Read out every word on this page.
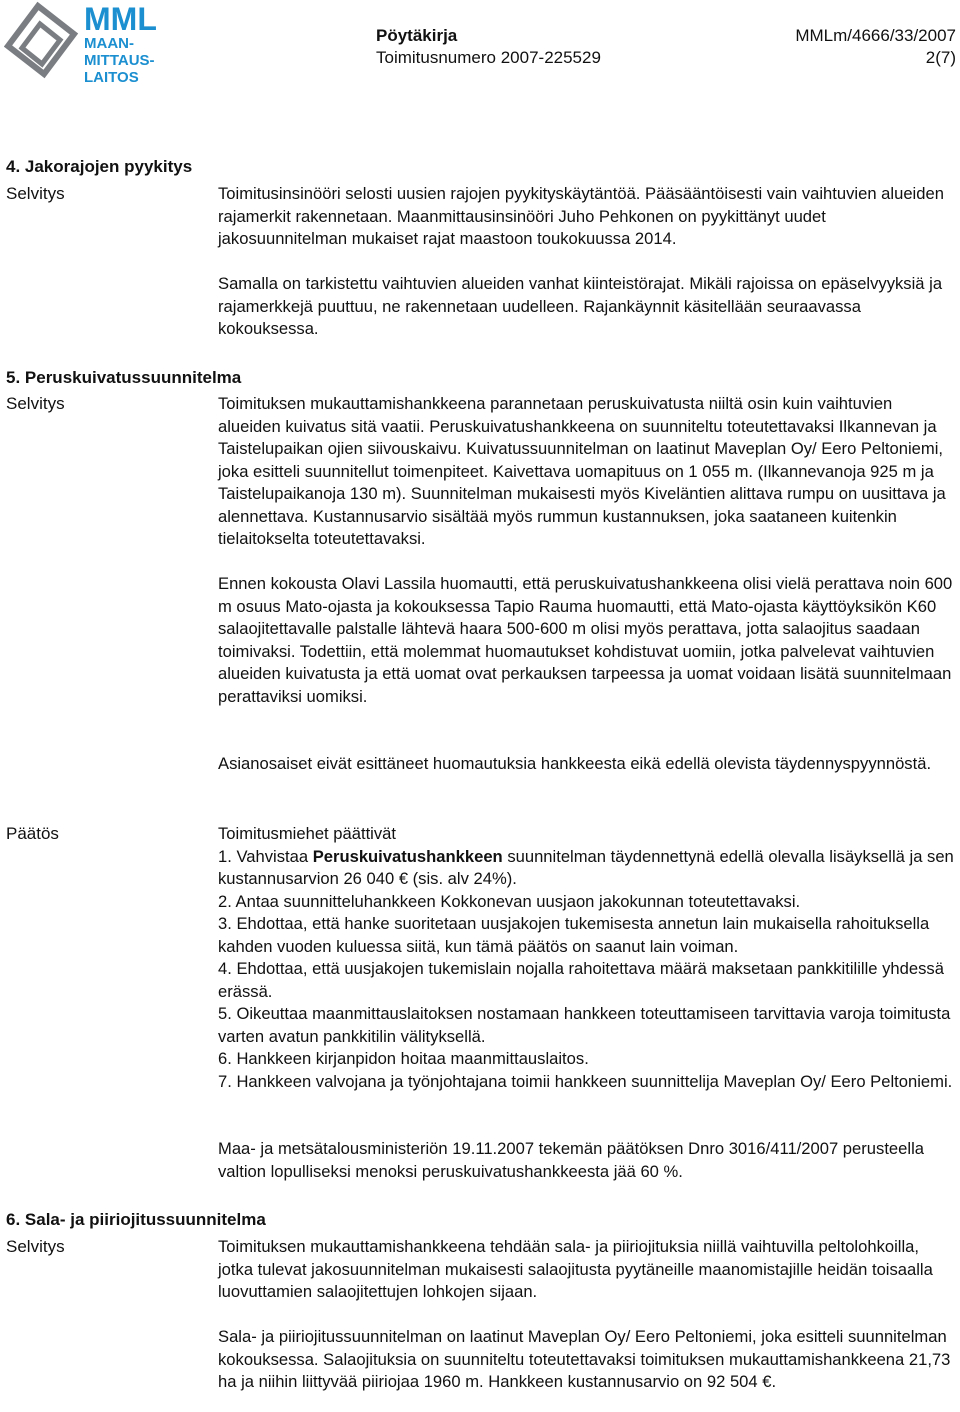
MML
MAAN-
MITTAUS-
LAITOS
Pöytäkirja
Toimitusnumero 2007-225529
MMLm/4666/33/2007
2(7)
4. Jakorajojen pyykitys
Selvitys	Toimitusinsinööri selosti uusien rajojen pyykityskäytäntöä. Pääsääntöisesti vain vaihtuvien alueiden rajamerkit rakennetaan. Maanmittausinsinööri Juho Pehkonen on pyykittänyt uudet jakosuunnitelman mukaiset rajat maastoon toukokuussa 2014.
Samalla on tarkistettu vaihtuvien alueiden vanhat kiinteistörajat. Mikäli rajoissa on epäselvyyksiä ja rajamerkkejä puuttuu, ne rakennetaan uudelleen. Rajankäynnit käsitellään seuraavassa kokouksessa.
5. Peruskuivatussuunnitelma
Selvitys	Toimituksen mukauttamishankkeena parannetaan peruskuivatusta niiltä osin kuin vaihtuvien alueiden kuivatus sitä vaatii. Peruskuivatushankkeena on suunniteltu toteutettavaksi Ilkannevan ja Taistelupaikan ojien siivouskaivu. Kuivatussuunnitelman on laatinut Maveplan Oy/ Eero Peltoniemi, joka esitteli suunnitellut toimenpiteet. Kaivettava uomapituus on 1 055 m. (Ilkannevanoja 925 m ja Taistelupaikanoja 130 m). Suunnitelman mukaisesti myös Kiveläntien alittava rumpu on uusittava ja alennettava. Kustannusarvio sisältää myös rummun kustannuksen, joka saataneen kuitenkin tielaitokselta toteutettavaksi.
Ennen kokousta Olavi Lassila huomautti, että peruskuivatushankkeena olisi vielä perattava noin 600 m osuus Mato-ojasta ja kokouksessa Tapio Rauma huomautti, että Mato-ojasta käyttöyksikön K60 salaojitettavalle palstalle lähtevä haara 500-600 m olisi myös perattava, jotta salaojitus saadaan toimivaksi. Todettiin, että molemmat huomautukset kohdistuvat uomiin, jotka palvelevat vaihtuvien alueiden kuivatusta ja että uomat ovat perkauksen tarpeessa ja uomat voidaan lisätä suunnitelmaan perattaviksi uomiksi.
Asianosaiset eivät esittäneet huomautuksia hankkeesta eikä edellä olevista täydennyspyynnöstä.
Päätös	Toimitusmiehet päättivät

1. Vahvistaa Peruskuivatushankkeen suunnitelman täydennettynä edellä olevalla lisäyksellä ja sen kustannusarvion 26 040 € (sis. alv 24%).

2. Antaa suunnitteluhankkeen Kokkonevan uusjaon jakokunnan toteutettavaksi.

3. Ehdottaa, että hanke suoritetaan uusjakojen tukemisesta annetun lain mukaisella rahoituksella kahden vuoden kuluessa siitä, kun tämä päätös on saanut lain voiman.

4. Ehdottaa, että uusjakojen tukemislain nojalla rahoitettava määrä maksetaan pankkitilille yhdessä erässä.

5. Oikeuttaa maanmittauslaitoksen nostamaan hankkeen toteuttamiseen tarvittavia varoja toimitusta varten avatun pankkitilin välityksellä.

6. Hankkeen kirjanpidon hoitaa maanmittauslaitos.

7. Hankkeen valvojana ja työnjohtajana toimii hankkeen suunnittelija Maveplan Oy/ Eero Peltoniemi.

Maa- ja metsätalousministeriön 19.11.2007 tekemän päätöksen Dnro 3016/411/2007 perusteella valtion lopulliseksi menoksi peruskuivatushankkeesta jää 60 %.
6. Sala- ja piiriojitussuunnitelma
Selvitys	Toimituksen mukauttamishankkeena tehdään sala- ja piiriojituksia niillä vaihtuvilla peltolohkoilla, jotka tulevat jakosuunnitelman mukaisesti salaojitusta pyytäneille maanomistajille heidän toisaalla luovuttamien salaojitettujen lohkojen sijaan.
Sala- ja piiriojitussuunnitelman on laatinut Maveplan Oy/ Eero Peltoniemi, joka esitteli suunnitelman kokouksessa. Salaojituksia on suunniteltu toteutettavaksi toimituksen mukauttamishankkeena 21,73 ha ja niihin liittyvää piiriojaa 1960 m. Hankkeen kustannusarvio on 92 504 €.
